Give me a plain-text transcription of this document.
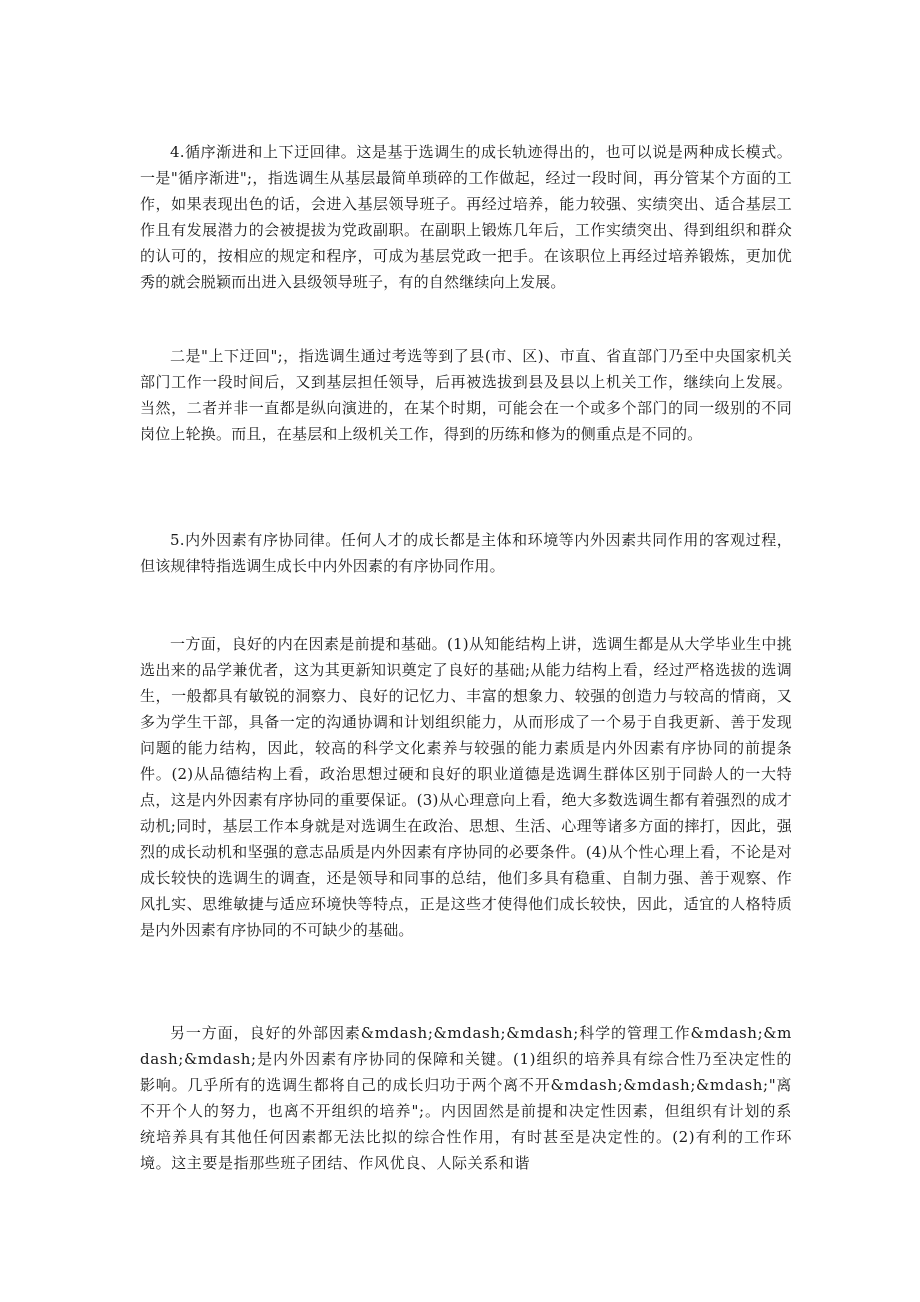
4.循序渐进和上下迂回律。这是基于选调生的成长轨迹得出的，也可以说是两种成长模式。一是"循序渐进";，指选调生从基层最简单琐碎的工作做起，经过一段时间，再分管某个方面的工作，如果表现出色的话，会进入基层领导班子。再经过培养，能力较强、实绩突出、适合基层工作且有发展潜力的会被提拔为党政副职。在副职上锻炼几年后，工作实绩突出、得到组织和群众的认可的，按相应的规定和程序，可成为基层党政一把手。在该职位上再经过培养锻炼，更加优秀的就会脱颖而出进入县级领导班子，有的自然继续向上发展。

二是"上下迂回";，指选调生通过考选等到了县(市、区)、市直、省直部门乃至中央国家机关部门工作一段时间后，又到基层担任领导，后再被选拔到县及县以上机关工作，继续向上发展。当然，二者并非一直都是纵向演进的，在某个时期，可能会在一个或多个部门的同一级别的不同岗位上轮换。而且，在基层和上级机关工作，得到的历练和修为的侧重点是不同的。

5.内外因素有序协同律。任何人才的成长都是主体和环境等内外因素共同作用的客观过程，但该规律特指选调生成长中内外因素的有序协同作用。

一方面，良好的内在因素是前提和基础。(1)从知能结构上讲，选调生都是从大学毕业生中挑选出来的品学兼优者，这为其更新知识奠定了良好的基础;从能力结构上看，经过严格选拔的选调生，一般都具有敏锐的洞察力、良好的记忆力、丰富的想象力、较强的创造力与较高的情商，又多为学生干部，具备一定的沟通协调和计划组织能力，从而形成了一个易于自我更新、善于发现问题的能力结构，因此，较高的科学文化素养与较强的能力素质是内外因素有序协同的前提条件。(2)从品德结构上看，政治思想过硬和良好的职业道德是选调生群体区别于同龄人的一大特点，这是内外因素有序协同的重要保证。(3)从心理意向上看，绝大多数选调生都有着强烈的成才动机;同时，基层工作本身就是对选调生在政治、思想、生活、心理等诸多方面的摔打，因此，强烈的成长动机和坚强的意志品质是内外因素有序协同的必要条件。(4)从个性心理上看，不论是对成长较快的选调生的调查，还是领导和同事的总结，他们多具有稳重、自制力强、善于观察、作风扎实、思维敏捷与适应环境快等特点，正是这些才使得他们成长较快，因此，适宜的人格特质是内外因素有序协同的不可缺少的基础。

另一方面，良好的外部因素&mdash;&mdash;&mdash;科学的管理工作&mdash;&mdash;&mdash;是内外因素有序协同的保障和关键。(1)组织的培养具有综合性乃至决定性的影响。几乎所有的选调生都将自己的成长归功于两个离不开&mdash;&mdash;&mdash;"离不开个人的努力，也离不开组织的培养";。内因固然是前提和决定性因素，但组织有计划的系统培养具有其他任何因素都无法比拟的综合性作用，有时甚至是决定性的。(2)有利的工作环境。这主要是指那些班子团结、作风优良、人际关系和谐
